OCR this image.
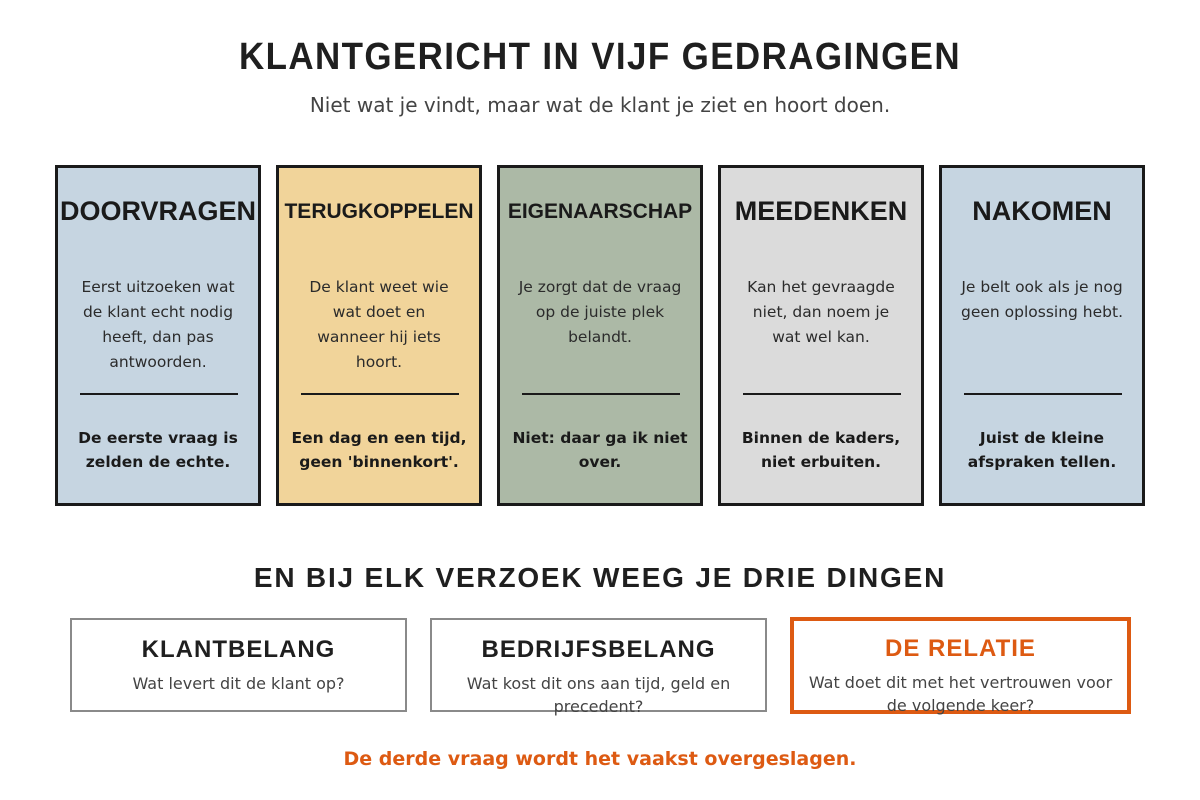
KLANTGERICHT IN VIJF GEDRAGINGEN
Niet wat je vindt, maar wat de klant je ziet en hoort doen.
DOORVRAGEN
Eerst uitzoeken wat de klant echt nodig heeft, dan pas antwoorden.
De eerste vraag is zelden de echte.
TERUGKOPPELEN
De klant weet wie wat doet en wanneer hij iets hoort.
Een dag en een tijd, geen 'binnenkort'.
EIGENAARSCHAP
Je zorgt dat de vraag op de juiste plek belandt.
Niet: daar ga ik niet over.
MEEDENKEN
Kan het gevraagde niet, dan noem je wat wel kan.
Binnen de kaders, niet erbuiten.
NAKOMEN
Je belt ook als je nog geen oplossing hebt.
Juist de kleine afspraken tellen.
EN BIJ ELK VERZOEK WEEG JE DRIE DINGEN
KLANTBELANG
Wat levert dit de klant op?
BEDRIJFSBELANG
Wat kost dit ons aan tijd, geld en precedent?
DE RELATIE
Wat doet dit met het vertrouwen voor de volgende keer?
De derde vraag wordt het vaakst overgeslagen.
